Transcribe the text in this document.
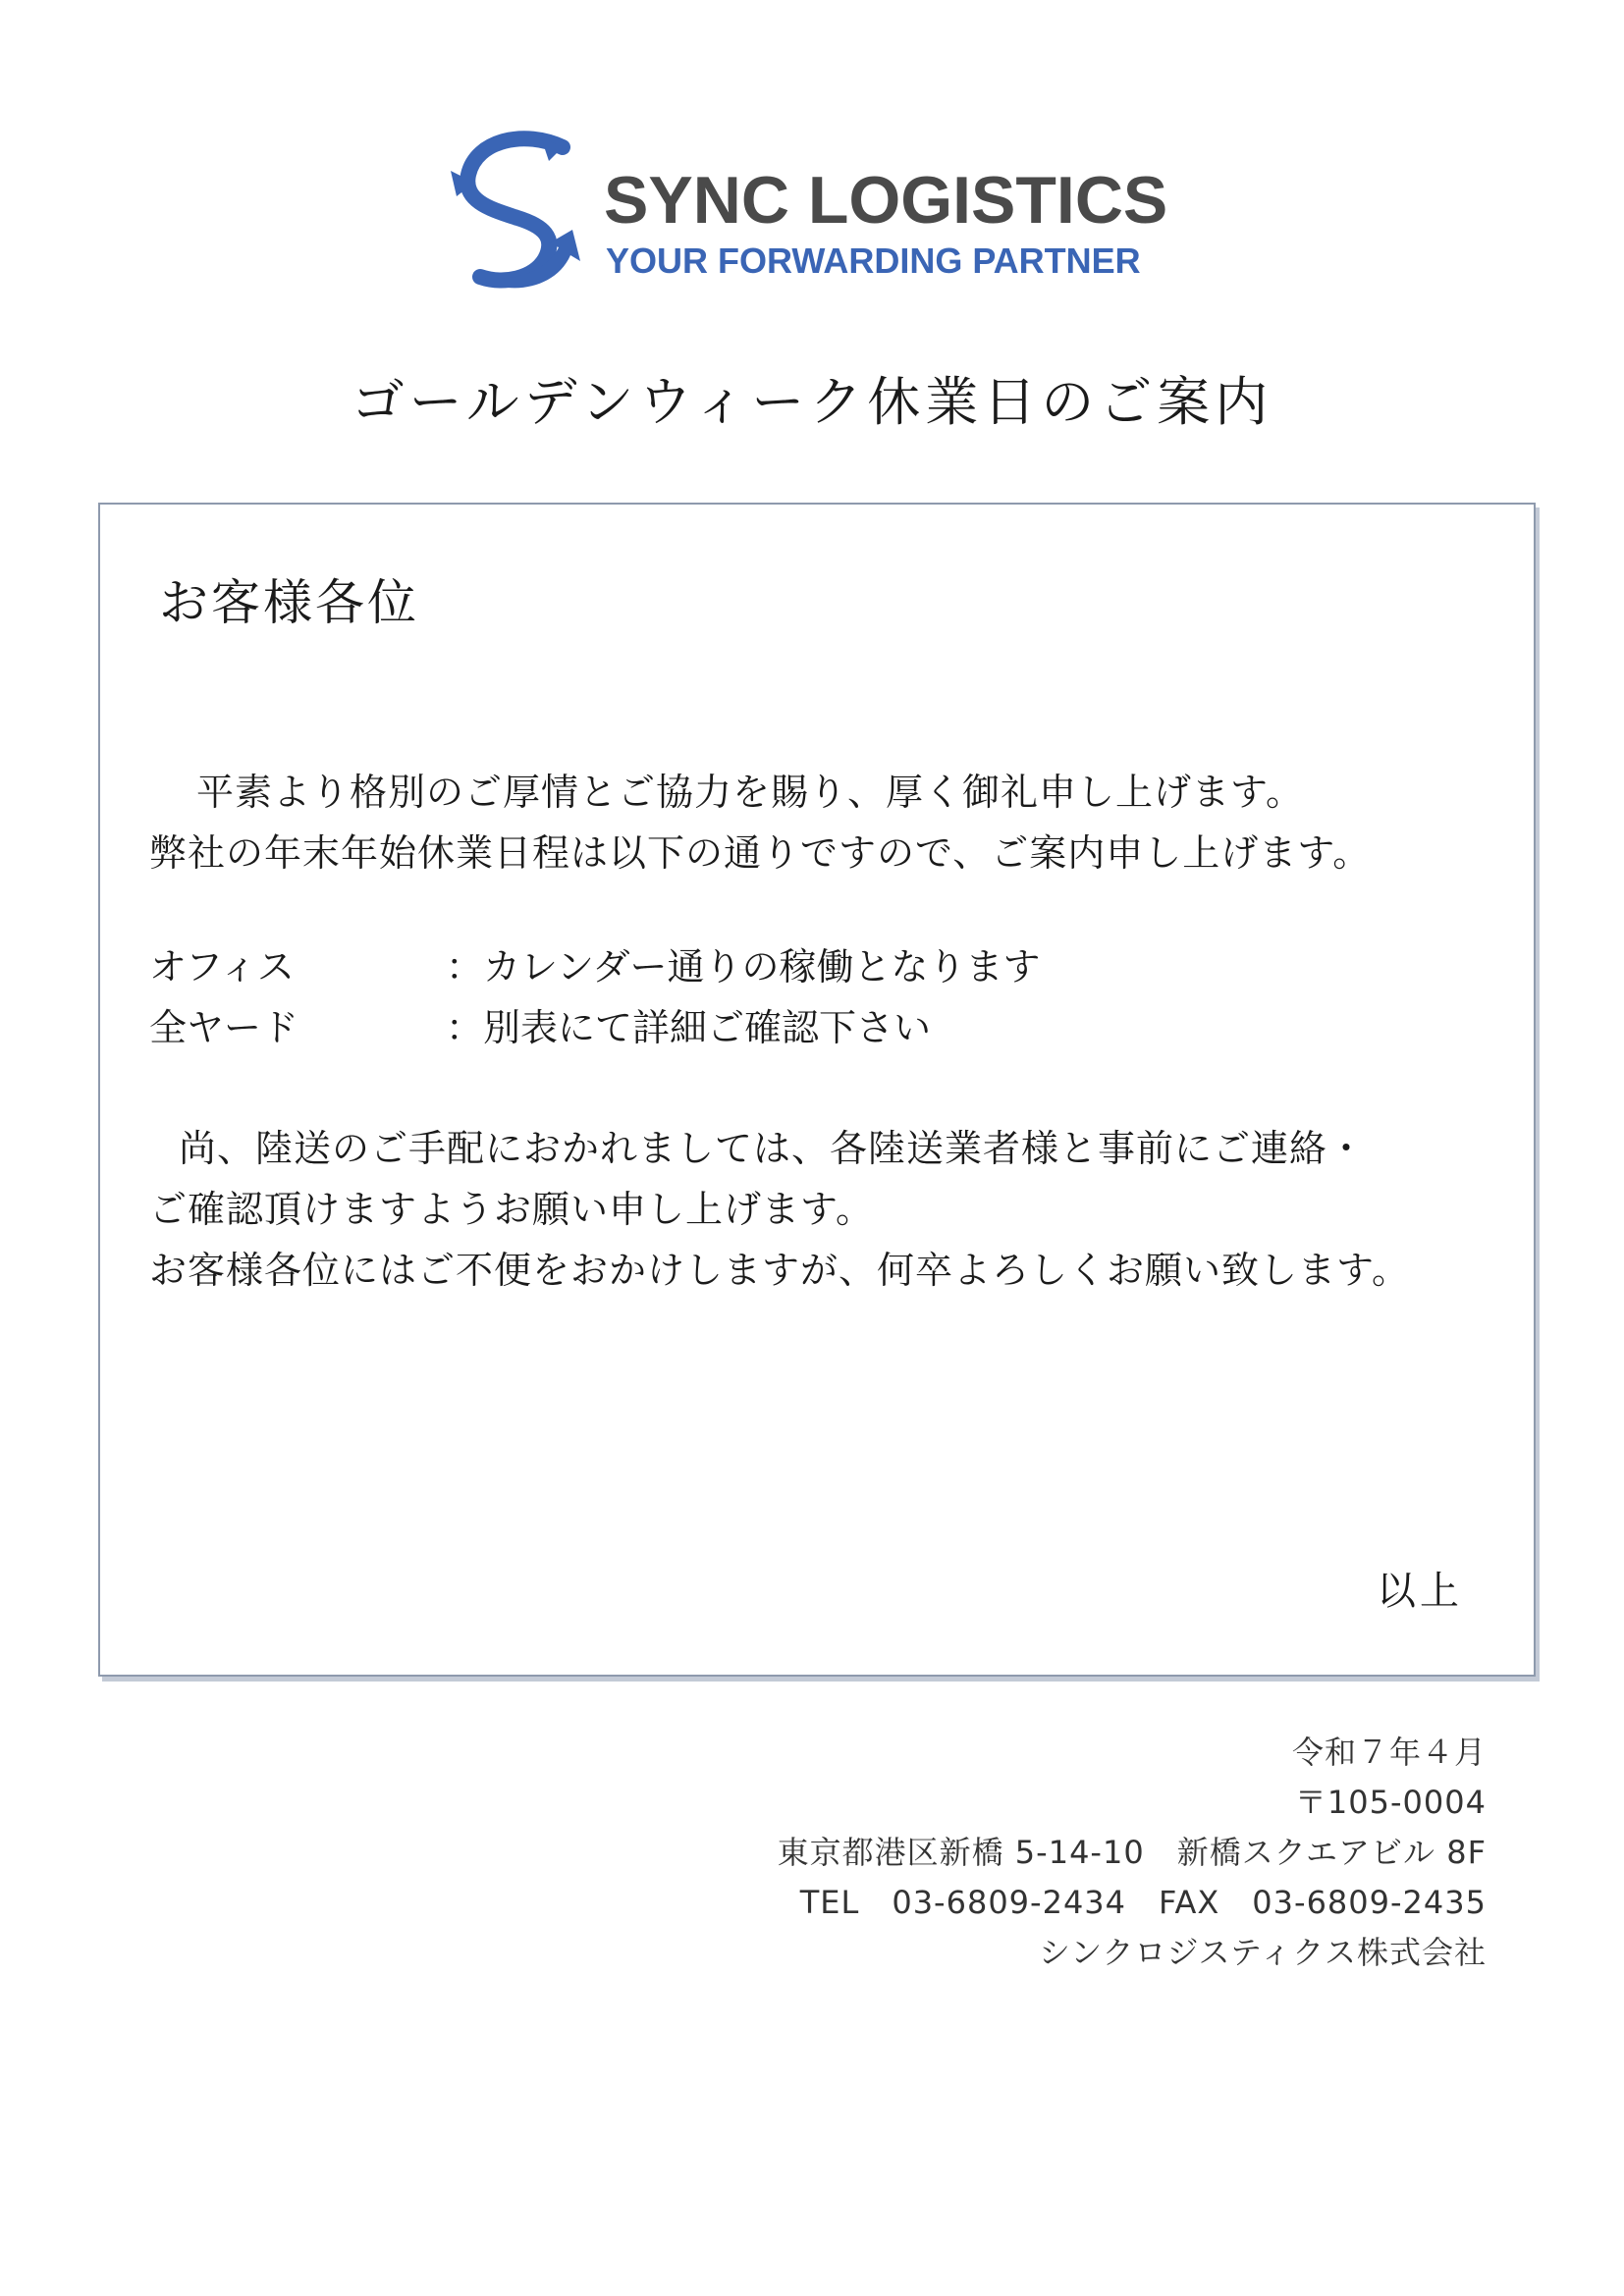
SYNC LOGISTICS
YOUR FORWARDING PARTNER
ゴールデンウィーク休業日のご案内
お客様各位
平素より格別のご厚情とご協力を賜り、厚く御礼申し上げます。
弊社の年末年始休業日程は以下の通りですので、ご案内申し上げます。
オフィス	：カレンダー通りの稼働となります
全ヤード	：別表にて詳細ご確認下さい
尚、陸送のご手配におかれましては、各陸送業者様と事前にご連絡・
ご確認頂けますようお願い申し上げます。
お客様各位にはご不便をおかけしますが、何卒よろしくお願い致します。
以上
令和７年４月
〒105-0004
東京都港区新橋 5-14-10　新橋スクエアビル 8F
TEL　03-6809-2434　FAX　03-6809-2435
シンクロジスティクス株式会社
